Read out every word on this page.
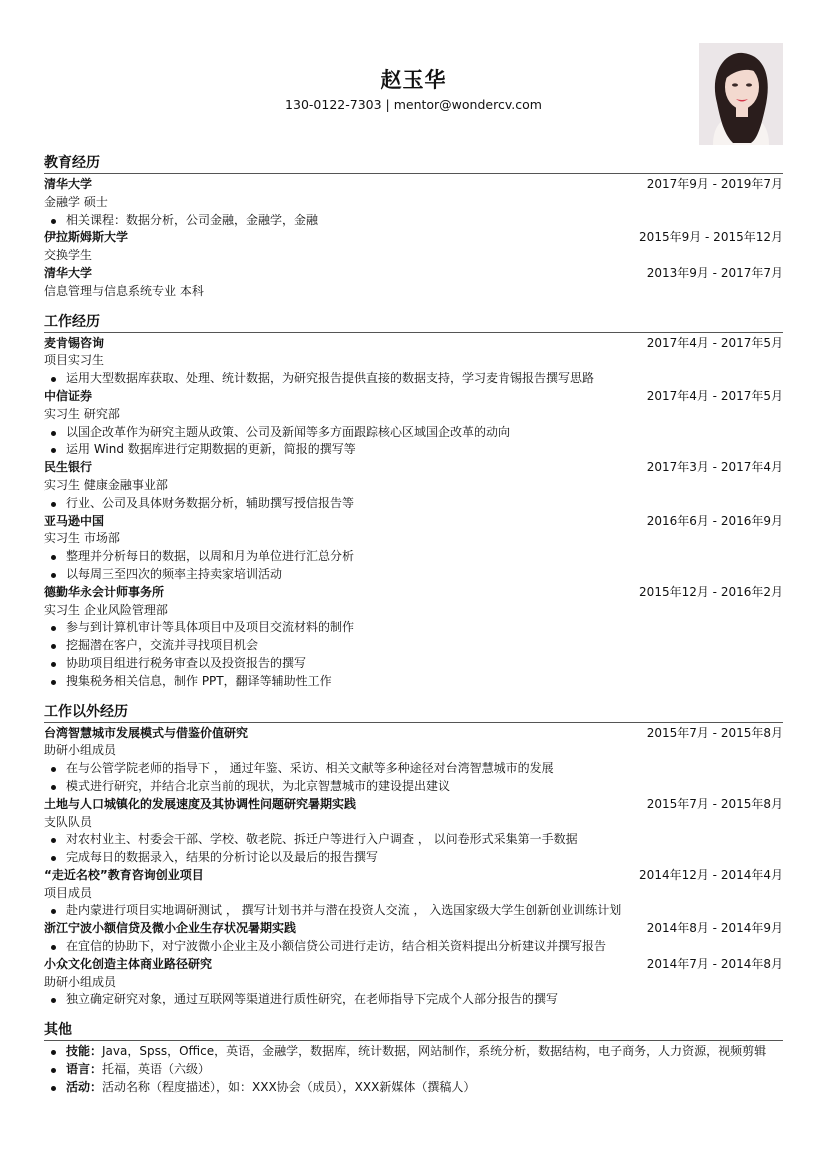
赵玉华
130-0122-7303 | mentor@wondercv.com
教育经历
清华大学	2017年9月 - 2019年7月
金融学 硕士
相关课程：数据分析，公司金融，金融学，金融
伊拉斯姆斯大学	2015年9月 - 2015年12月
交换学生
清华大学	2013年9月 - 2017年7月
信息管理与信息系统专业 本科
工作经历
麦肯锡咨询	2017年4月 - 2017年5月
项目实习生
运用大型数据库获取、处理、统计数据，为研究报告提供直接的数据支持，学习麦肯锡报告撰写思路
中信证券	2017年4月 - 2017年5月
实习生 研究部
以国企改革作为研究主题从政策、公司及新闻等多方面跟踪核心区域国企改革的动向
运用 Wind 数据库进行定期数据的更新，简报的撰写等
民生银行	2017年3月 - 2017年4月
实习生 健康金融事业部
行业、公司及具体财务数据分析，辅助撰写授信报告等
亚马逊中国	2016年6月 - 2016年9月
实习生 市场部
整理并分析每日的数据，以周和月为单位进行汇总分析
以每周三至四次的频率主持卖家培训活动
德勤华永会计师事务所	2015年12月 - 2016年2月
实习生 企业风险管理部
参与到计算机审计等具体项目中及项目交流材料的制作
挖掘潜在客户，交流并寻找项目机会
协助项目组进行税务审查以及投资报告的撰写
搜集税务相关信息，制作 PPT，翻译等辅助性工作
工作以外经历
台湾智慧城市发展模式与借鉴价值研究	2015年7月 - 2015年8月
助研小组成员
在与公管学院老师的指导下 ， 通过年鉴、采访、相关文献等多种途径对台湾智慧城市的发展
模式进行研究，并结合北京当前的现状，为北京智慧城市的建设提出建议
土地与人口城镇化的发展速度及其协调性问题研究暑期实践	2015年7月 - 2015年8月
支队队员
对农村业主、村委会干部、学校、敬老院、拆迁户等进行入户调查 ， 以问卷形式采集第一手数据
完成每日的数据录入，结果的分析讨论以及最后的报告撰写
“走近名校”教育咨询创业项目	2014年12月 - 2014年4月
项目成员
赴内蒙进行项目实地调研测试 ， 撰写计划书并与潜在投资人交流 ， 入选国家级大学生创新创业训练计划
浙江宁波小额信贷及微小企业生存状况暑期实践	2014年8月 - 2014年9月
在宜信的协助下，对宁波微小企业主及小额信贷公司进行走访，结合相关资料提出分析建议并撰写报告
小众文化创造主体商业路径研究	2014年7月 - 2014年8月
助研小组成员
独立确定研究对象，通过互联网等渠道进行质性研究，在老师指导下完成个人部分报告的撰写
其他
技能：Java，Spss，Office，英语，金融学，数据库，统计数据，网站制作，系统分析，数据结构，电子商务，人力资源，视频剪辑
语言：托福，英语（六级）
活动：活动名称（程度描述），如：XXX协会（成员），XXX新媒体（撰稿人）
